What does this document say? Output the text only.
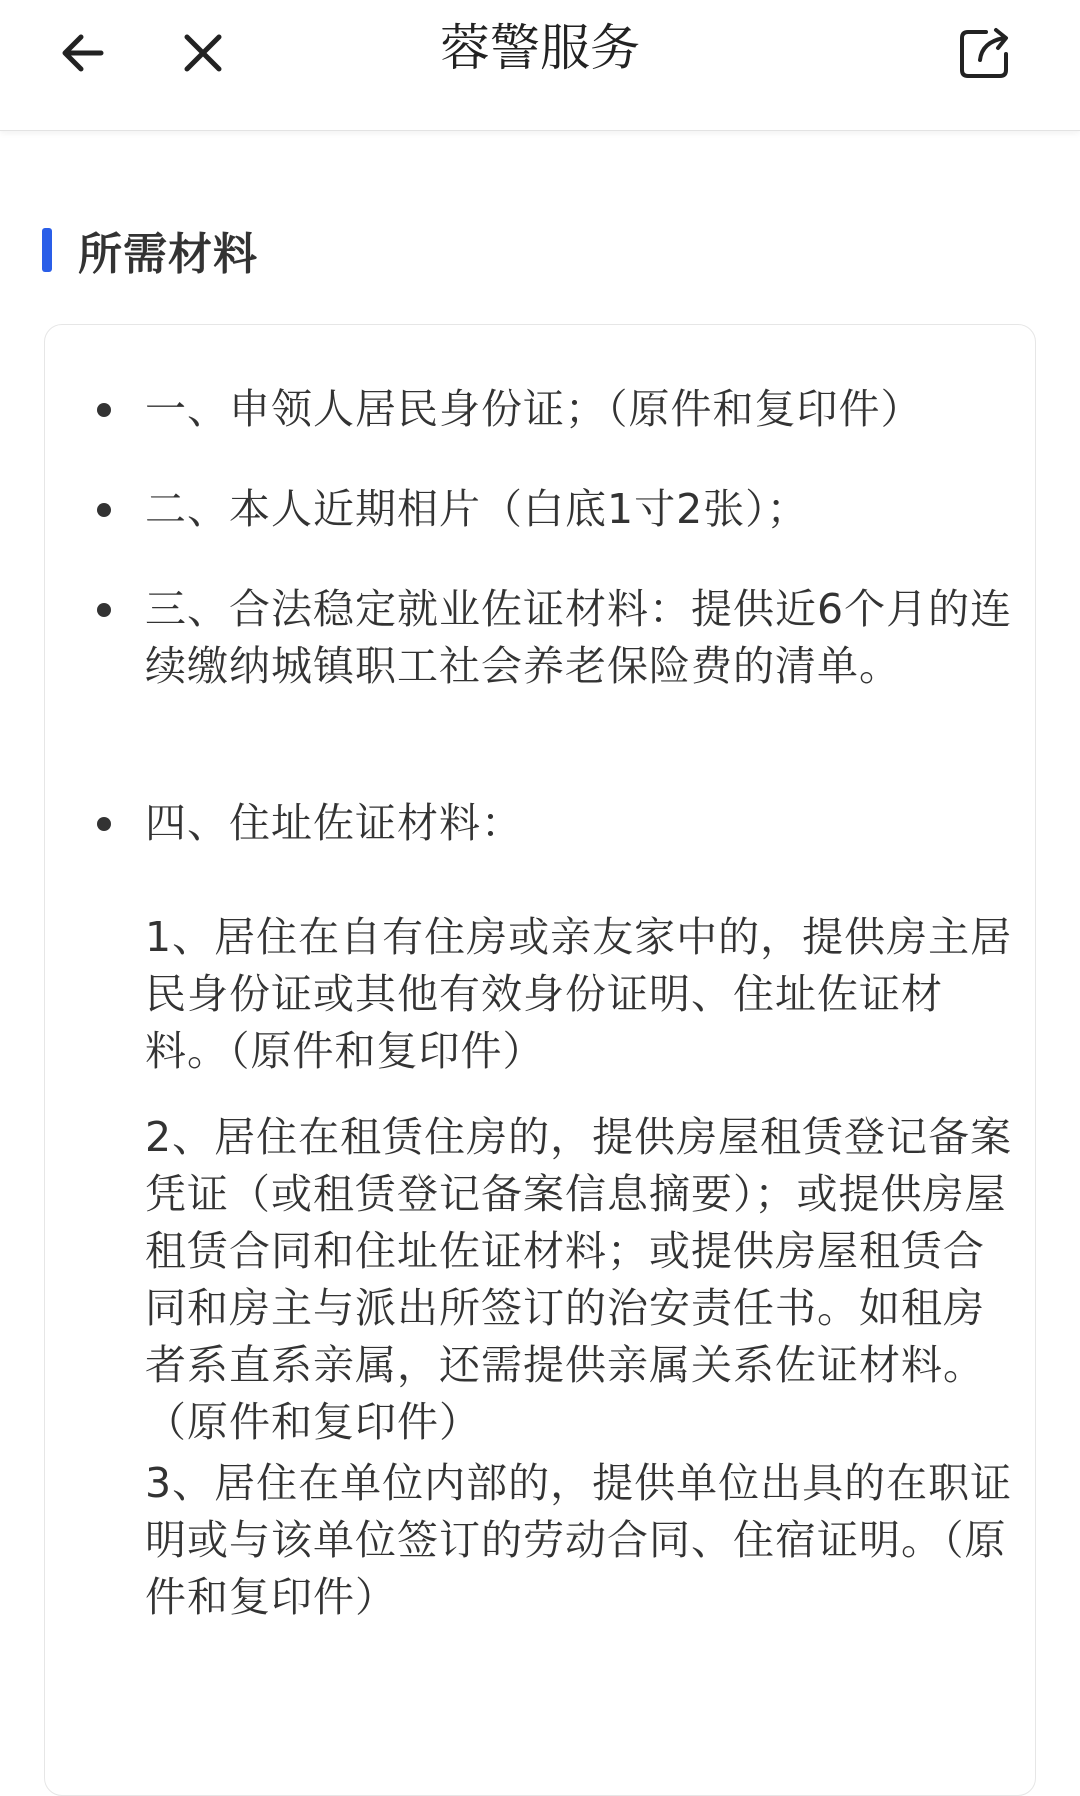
蓉警服务
所需材料
一、申领人居民身份证；（原件和复印件）
二、本人近期相片（白底1寸2张）；
三、合法稳定就业佐证材料：提供近6个月的连续缴纳城镇职工社会养老保险费的清单。
四、住址佐证材料：
1、居住在自有住房或亲友家中的，提供房主居民身份证或其他有效身份证明、住址佐证材料。（原件和复印件）
2、居住在租赁住房的，提供房屋租赁登记备案凭证（或租赁登记备案信息摘要）；或提供房屋租赁合同和住址佐证材料；或提供房屋租赁合同和房主与派出所签订的治安责任书。如租房者系直系亲属，还需提供亲属关系佐证材料。（原件和复印件）
3、居住在单位内部的，提供单位出具的在职证明或与该单位签订的劳动合同、住宿证明。（原件和复印件）
